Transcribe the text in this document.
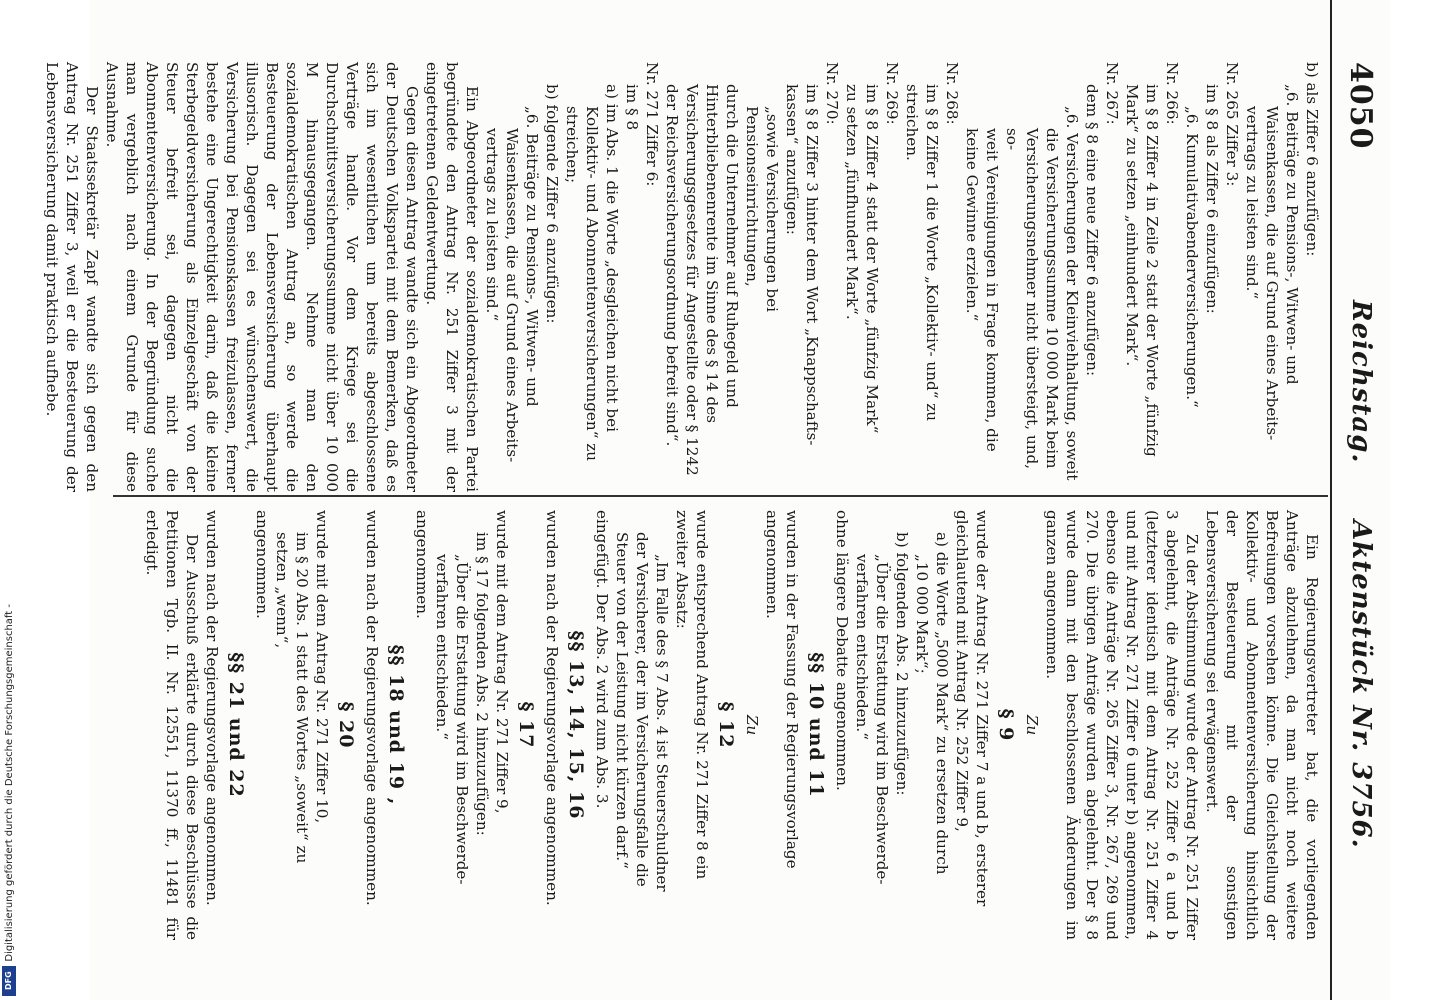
4050
Reichstag.
Aktenstück Nr. 3756.

b) als Ziffer 6 anzufügen:

„6. Beiträge zu Pensions-, Witwen- und

Waisenkassen, die auf Grund eines Arbeits-

vertrags zu leisten sind.“

Nr. 265 Ziffer 3:

im § 8 als Ziffer 6 einzufügen:

„6. Kumulativabenderversicherungen.“

Nr. 266:

im § 8 Ziffer 4 in Zeile 2 statt der Worte „fünfzig

Mark“ zu setzen „einhundert Mark“.

Nr. 267:

dem § 8 eine neue Ziffer 6 anzufügen:

„6. Versicherungen der Kleinviehhaltung, soweit

die Versicherungssumme 10 000 Mark beim

Versicherungsnehmer nicht übersteigt, und, so-

weit Vereinigungen in Frage kommen, die

keine Gewinne erzielen.“

Nr. 268:

im § 8 Ziffer 1 die Worte „Kollektiv- und“ zu

streichen.

Nr. 269:

im § 8 Ziffer 4 statt der Worte „fünfzig Mark“

zu setzen „fünfhundert Mark“.

Nr. 270:

im § 8 Ziffer 3 hinter dem Wort „Knappschafts-

kassen“ anzufügen:

„sowie Versicherungen bei Pensionseinrichtungen,

durch die Unternehmer auf Ruhegeld und

Hinterbliebenenrente im Sinne des § 14 des

Versicherungsgesetzes für Angestellte oder § 1242

der Reichsversicherungsordnung befreit sind“.

Nr. 271 Ziffer 6:

im § 8

a) im Abs. 1 die Worte „desgleichen nicht bei

Kollektiv- und Abonnentenversicherungen“ zu

streichen;

b) folgende Ziffer 6 anzufügen:

„6. Beiträge zu Pensions-, Witwen- und

Waisenkassen, die auf Grund eines Arbeits-

vertrags zu leisten sind.“

Ein Abgeordneter der sozialdemokratischen Partei begründete den Antrag Nr. 251 Ziffer 3 mit der eingetretenen Geldentwertung.

Gegen diesen Antrag wandte sich ein Abgeordneter der Deutschen Volkspartei mit dem Bemerken, daß es sich im wesentlichen um bereits abgeschlossene Verträge handle. Vor dem Kriege sei die Durchschnittsversicherungssumme nicht über 10 000 M hinausgegangen. Nehme man den sozialdemokratischen Antrag an, so werde die Besteuerung der Lebensversicherung überhaupt illusorisch. Dagegen sei es wünschenswert, die Versicherung bei Pensionskassen freizulassen, ferner bestehe eine Ungerechtigkeit darin, daß die kleine Sterbegeldversicherung als Einzelgeschäft von der Steuer befreit sei, dagegen nicht die Abonnentenversicherung. In der Begründung suche man vergeblich nach einem Grunde für diese Ausnahme.

Der Staatssekretär Zapf wandte sich gegen den Antrag Nr. 251 Ziffer 3, weil er die Besteuerung der Lebensversicherung damit praktisch aufhebe.

Ein Regierungsvertreter bat, die vorliegenden Anträge abzulehnen, da man nicht noch weitere Befreiungen vorsehen könne. Die Gleichstellung der Kollektiv- und Abonnentenversicherung hinsichtlich der Besteuerung mit der sonstigen Lebensversicherung sei erwägenswert.

Zu der Abstimmung wurde der Antrag Nr. 251 Ziffer 3 abgelehnt, die Anträge Nr. 252 Ziffer 6 a und b (letzterer identisch mit dem Antrag Nr. 251 Ziffer 4 und mit Antrag Nr. 271 Ziffer 6 unter b) angenommen, ebenso die Anträge Nr. 265 Ziffer 3, Nr. 267, 269 und 270. Die übrigen Anträge wurden abgelehnt. Der § 8 wurde dann mit den beschlossenen Änderungen im ganzen angenommen.

Zu

§ 9

wurde der Antrag Nr. 271 Ziffer 7 a und b, ersterer gleichlautend mit Antrag Nr. 252 Ziffer 9,

a) die Worte „5000 Mark“ zu ersetzen durch

„10 000 Mark“;

b) folgenden Abs. 2 hinzuzufügen:

„Über die Erstattung wird im Beschwerde-

verfahren entschieden.“

ohne längere Debatte angenommen.

§§ 10 und 11

wurden in der Fassung der Regierungsvorlage angenommen.

Zu

§ 12

wurde entsprechend Antrag Nr. 271 Ziffer 8 ein zweiter Absatz:

„Im Falle des § 7 Abs. 4 ist Steuerschuldner

der Versicherer, der im Versicherungsfalle die

Steuer von der Leistung nicht kürzen darf.“

eingefügt. Der Abs. 2 wird zum Abs. 3.

§§ 13, 14, 15, 16

wurden nach der Regierungsvorlage angenommen.

§ 17

wurde mit dem Antrag Nr. 271 Ziffer 9,

im § 17 folgenden Abs. 2 hinzuzufügen:

„Über die Erstattung wird im Beschwerde-

verfahren entschieden.“

angenommen.

§§ 18 und 19 ,

wurden nach der Regierungsvorlage angenommen.

§ 20

wurde mit dem Antrag Nr. 271 Ziffer 10,

im § 20 Abs. 1 statt des Wortes „soweit“ zu

setzen „wenn“,

angenommen.

§§ 21 und 22

wurden nach der Regierungsvorlage angenommen.

Der Ausschuß erklärte durch diese Beschlüsse die Petitionen Tgb. II. Nr. 12551, 11370 ff., 11481 für erledigt.

Digitalisierung gefördert durch die Deutsche Forschungsgemeinschaft -
DFG
